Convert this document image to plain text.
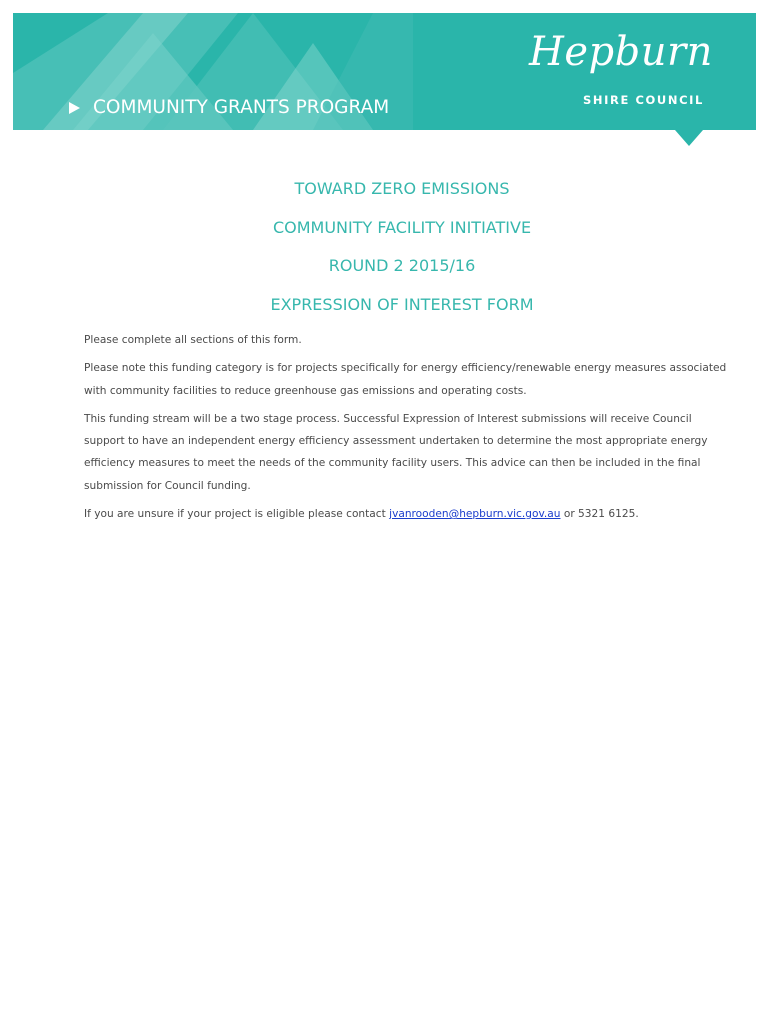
COMMUNITY GRANTS PROGRAM
Hepburn
SHIRE COUNCIL
TOWARD ZERO EMISSIONS
COMMUNITY FACILITY INITIATIVE
ROUND 2 2015/16
EXPRESSION OF INTEREST FORM

Please complete all sections of this form.

Please note this funding category is for projects specifically for energy efficiency/renewable energy measures associated with community facilities to reduce greenhouse gas emissions and operating costs.

This funding stream will be a two stage process. Successful Expression of Interest submissions will receive Council support to have an independent energy efficiency assessment undertaken to determine the most appropriate energy efficiency measures to meet the needs of the community facility users. This advice can then be included in the final submission for Council funding.

If you are unsure if your project is eligible please contact jvanrooden@hepburn.vic.gov.au or 5321 6125.
